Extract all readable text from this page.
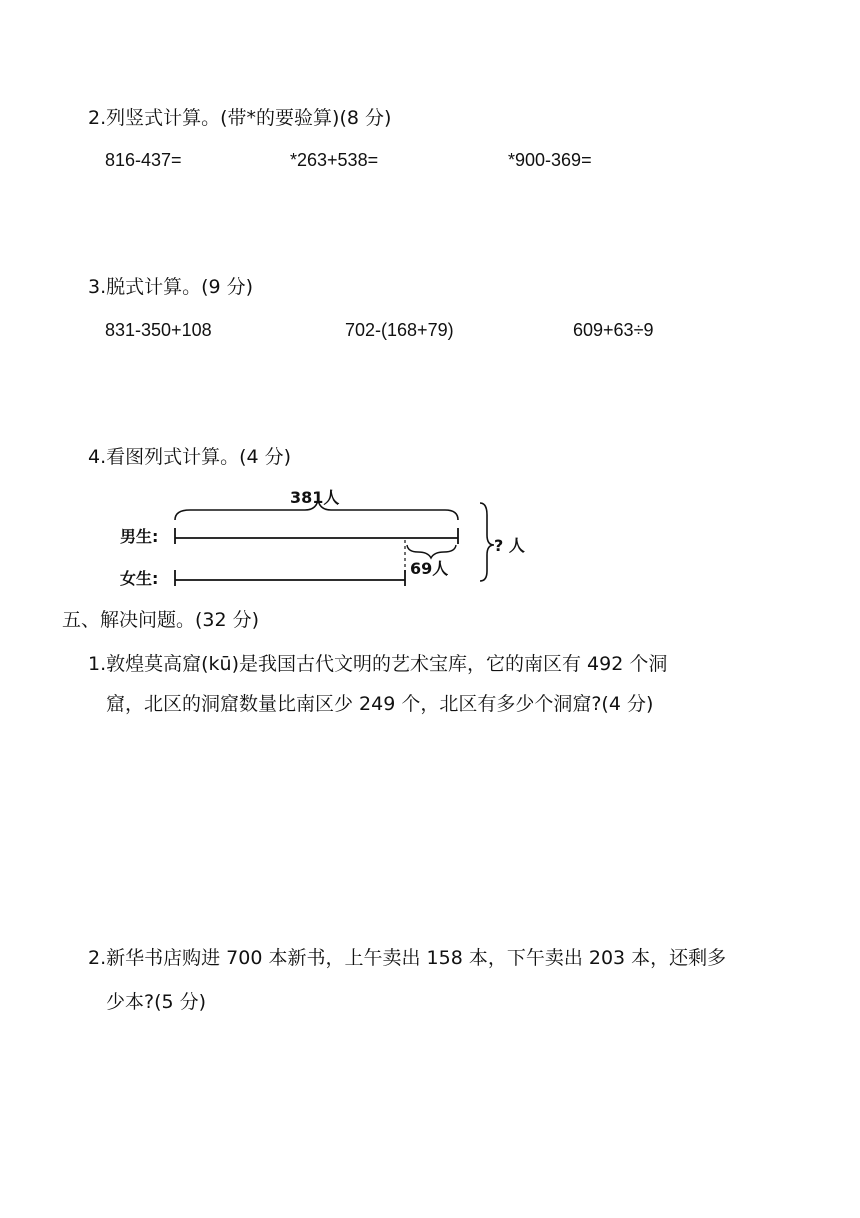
2.列竖式计算。(带*的要验算)(8 分)
816-437=	*263+538=	*900-369=
3.脱式计算。(9 分)
831-350+108	702-(168+79)	609+63÷9
4.看图列式计算。(4 分)
381人
男生:
女生:
69人
? 人
五、解决问题。(32 分)
1.敦煌莫高窟(kū)是我国古代文明的艺术宝库，它的南区有 492 个洞
窟，北区的洞窟数量比南区少 249 个，北区有多少个洞窟?(4 分)
2.新华书店购进 700 本新书，上午卖出 158 本，下午卖出 203 本，还剩多
少本?(5 分)
